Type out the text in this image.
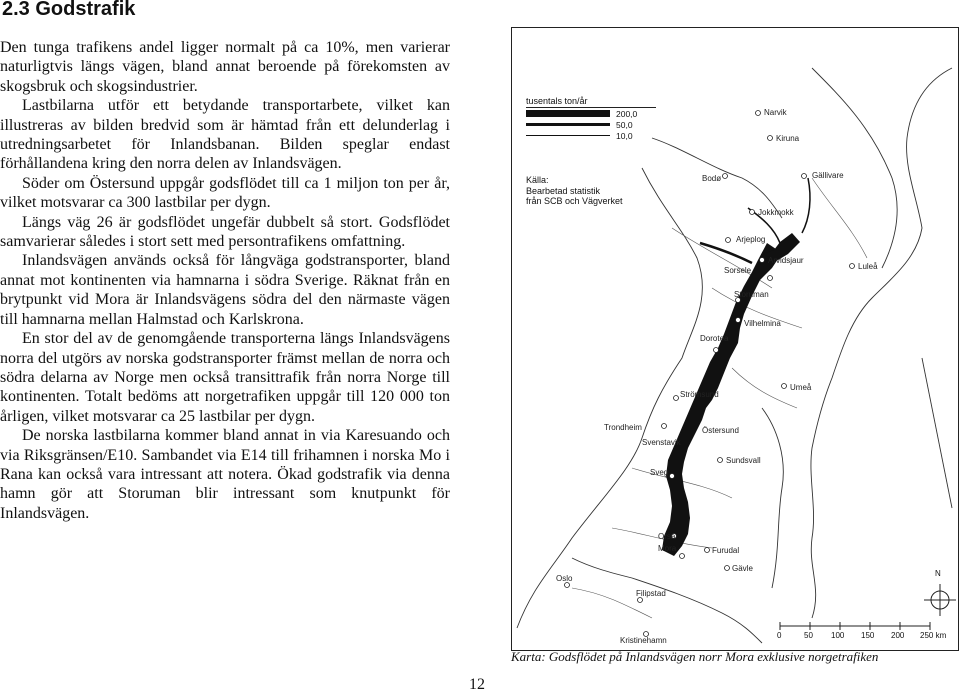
2.3 Godstrafik

Den tunga trafikens andel ligger normalt på ca 10%, men varierar naturligtvis längs vägen, bland annat beroende på förekomsten av skogsbruk och skogsindustrier.

Lastbilarna utför ett betydande transportarbete, vilket kan illustreras av bilden bredvid som är hämtad från ett delunderlag i utredningsarbetet för Inlandsbanan. Bilden speglar endast förhållandena kring den norra delen av Inlandsvägen.

Söder om Östersund uppgår godsflödet till ca 1 miljon ton per år, vilket motsvarar ca 300 lastbilar per dygn.

Längs väg 26 är godsflödet ungefär dubbelt så stort. Godsflödet samvarierar således i stort sett med persontrafikens omfattning.

Inlandsvägen används också för långväga godstransporter, bland annat mot kontinenten via hamnarna i södra Sverige. Räknat från en brytpunkt vid Mora är Inlandsvägens södra del den närmaste vägen till hamnarna mellan Halmstad och Karlskrona.

En stor del av de genomgående transporterna längs Inlandsvägens norra del utgörs av norska godstransporter främst mellan de norra och södra delarna av Norge men också transittrafik från norra Norge till kontinenten. Totalt bedöms att norgetrafiken uppgår till 120 000 ton årligen, vilket motsvarar ca 25 lastbilar per dygn.

De norska lastbilarna kommer bland annat in via Karesuando och via Riksgränsen/E10. Sambandet via E14 till frihamnen i norska Mo i Rana kan också vara intressant att notera. Ökad godstrafik via denna hamn gör att Storuman blir intressant som knutpunkt för Inlandsvägen.

tusentals ton/år
200,0
50,0
10,0
Källa:
Bearbetad statistik
från SCB och Vägverket
Narvik
Kiruna
Gällivare
Bodø
Jokkmokk
Arjeplog
Arvidsjaur
Sorsele	Luleå
Storuman
Vilhelmina
Dorotea
Umeå
Strömsund
Trondheim	Östersund
Svenstavik
Sveg
Sundsvall
Orsa
Mora	Furudal
Gävle
Oslo
Filipstad
Kristinehamn
N
0	50 100 150 200 250 km
Karta: Godsflödet på Inlandsvägen norr Mora exklusive norgetrafiken
12
